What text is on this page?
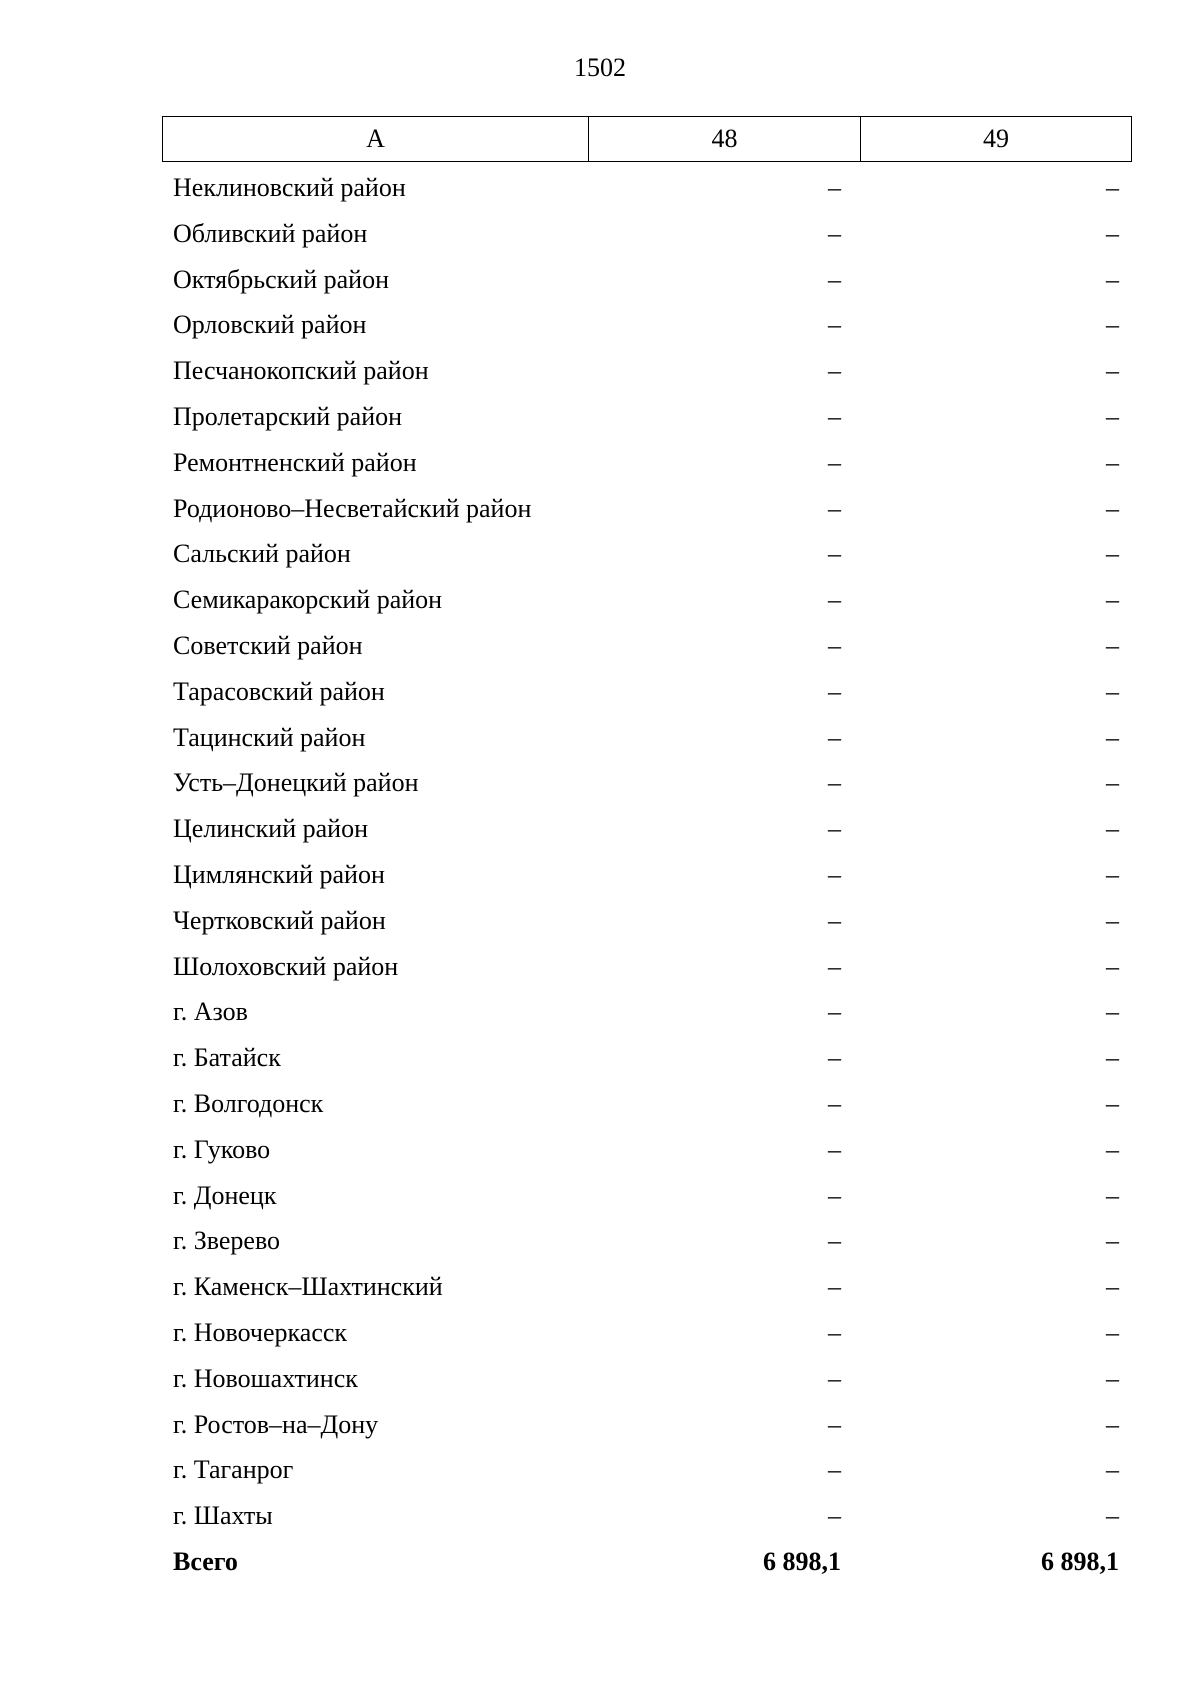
1502
А	48	49
Неклиновский район	–	–
Обливский район	–	–
Октябрьский район	–	–
Орловский район	–	–
Песчанокопский район	–	–
Пролетарский район	–	–
Ремонтненский район	–	–
Родионово–Несветайский район	–	–
Сальский район	–	–
Семикаракорский район	–	–
Советский район	–	–
Тарасовский район	–	–
Тацинский район	–	–
Усть–Донецкий район	–	–
Целинский район	–	–
Цимлянский район	–	–
Чертковский район	–	–
Шолоховский район	–	–
г. Азов	–	–
г. Батайск	–	–
г. Волгодонск	–	–
г. Гуково	–	–
г. Донецк	–	–
г. Зверево	–	–
г. Каменск–Шахтинский	–	–
г. Новочеркасск	–	–
г. Новошахтинск	–	–
г. Ростов–на–Дону	–	–
г. Таганрог	–	–
г. Шахты	–	–
Всего	6 898,1	6 898,1
